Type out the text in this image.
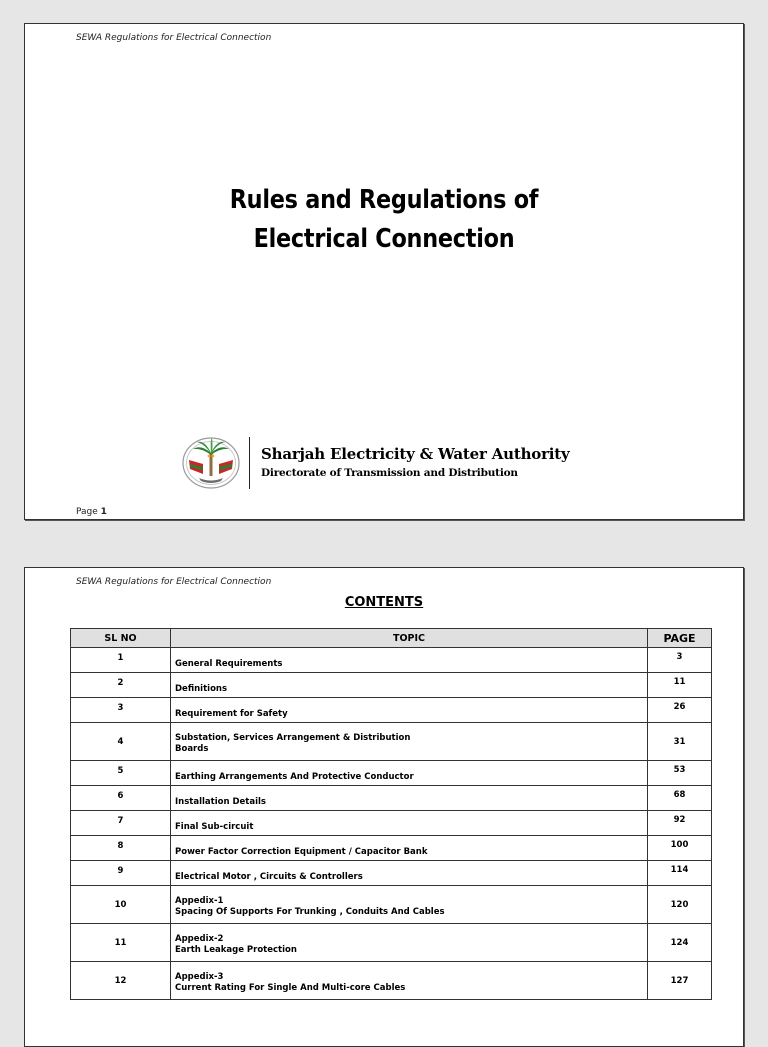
SEWA Regulations for Electrical Connection

Rules and Regulations of
Electrical Connection

Sharjah Electricity & Water Authority

Directorate of Transmission and Distribution

Page 1

SEWA Regulations for Electrical Connection

CONTENTS
SL NO	TOPIC	PAGE
1	General Requirements	3
2	Definitions	11
3	Requirement for Safety	26
4	Substation, Services Arrangement & Distribution
Boards	31
5	Earthing Arrangements And Protective Conductor	53
6	Installation Details	68
7	Final Sub-circuit	92
8	Power Factor Correction Equipment / Capacitor Bank	100
9	Electrical Motor , Circuits & Controllers	114
10	Appedix-1
Spacing Of Supports For Trunking , Conduits And Cables	120
11	Appedix-2
Earth Leakage Protection	124
12	Appedix-3
Current Rating For Single And Multi-core Cables	127
